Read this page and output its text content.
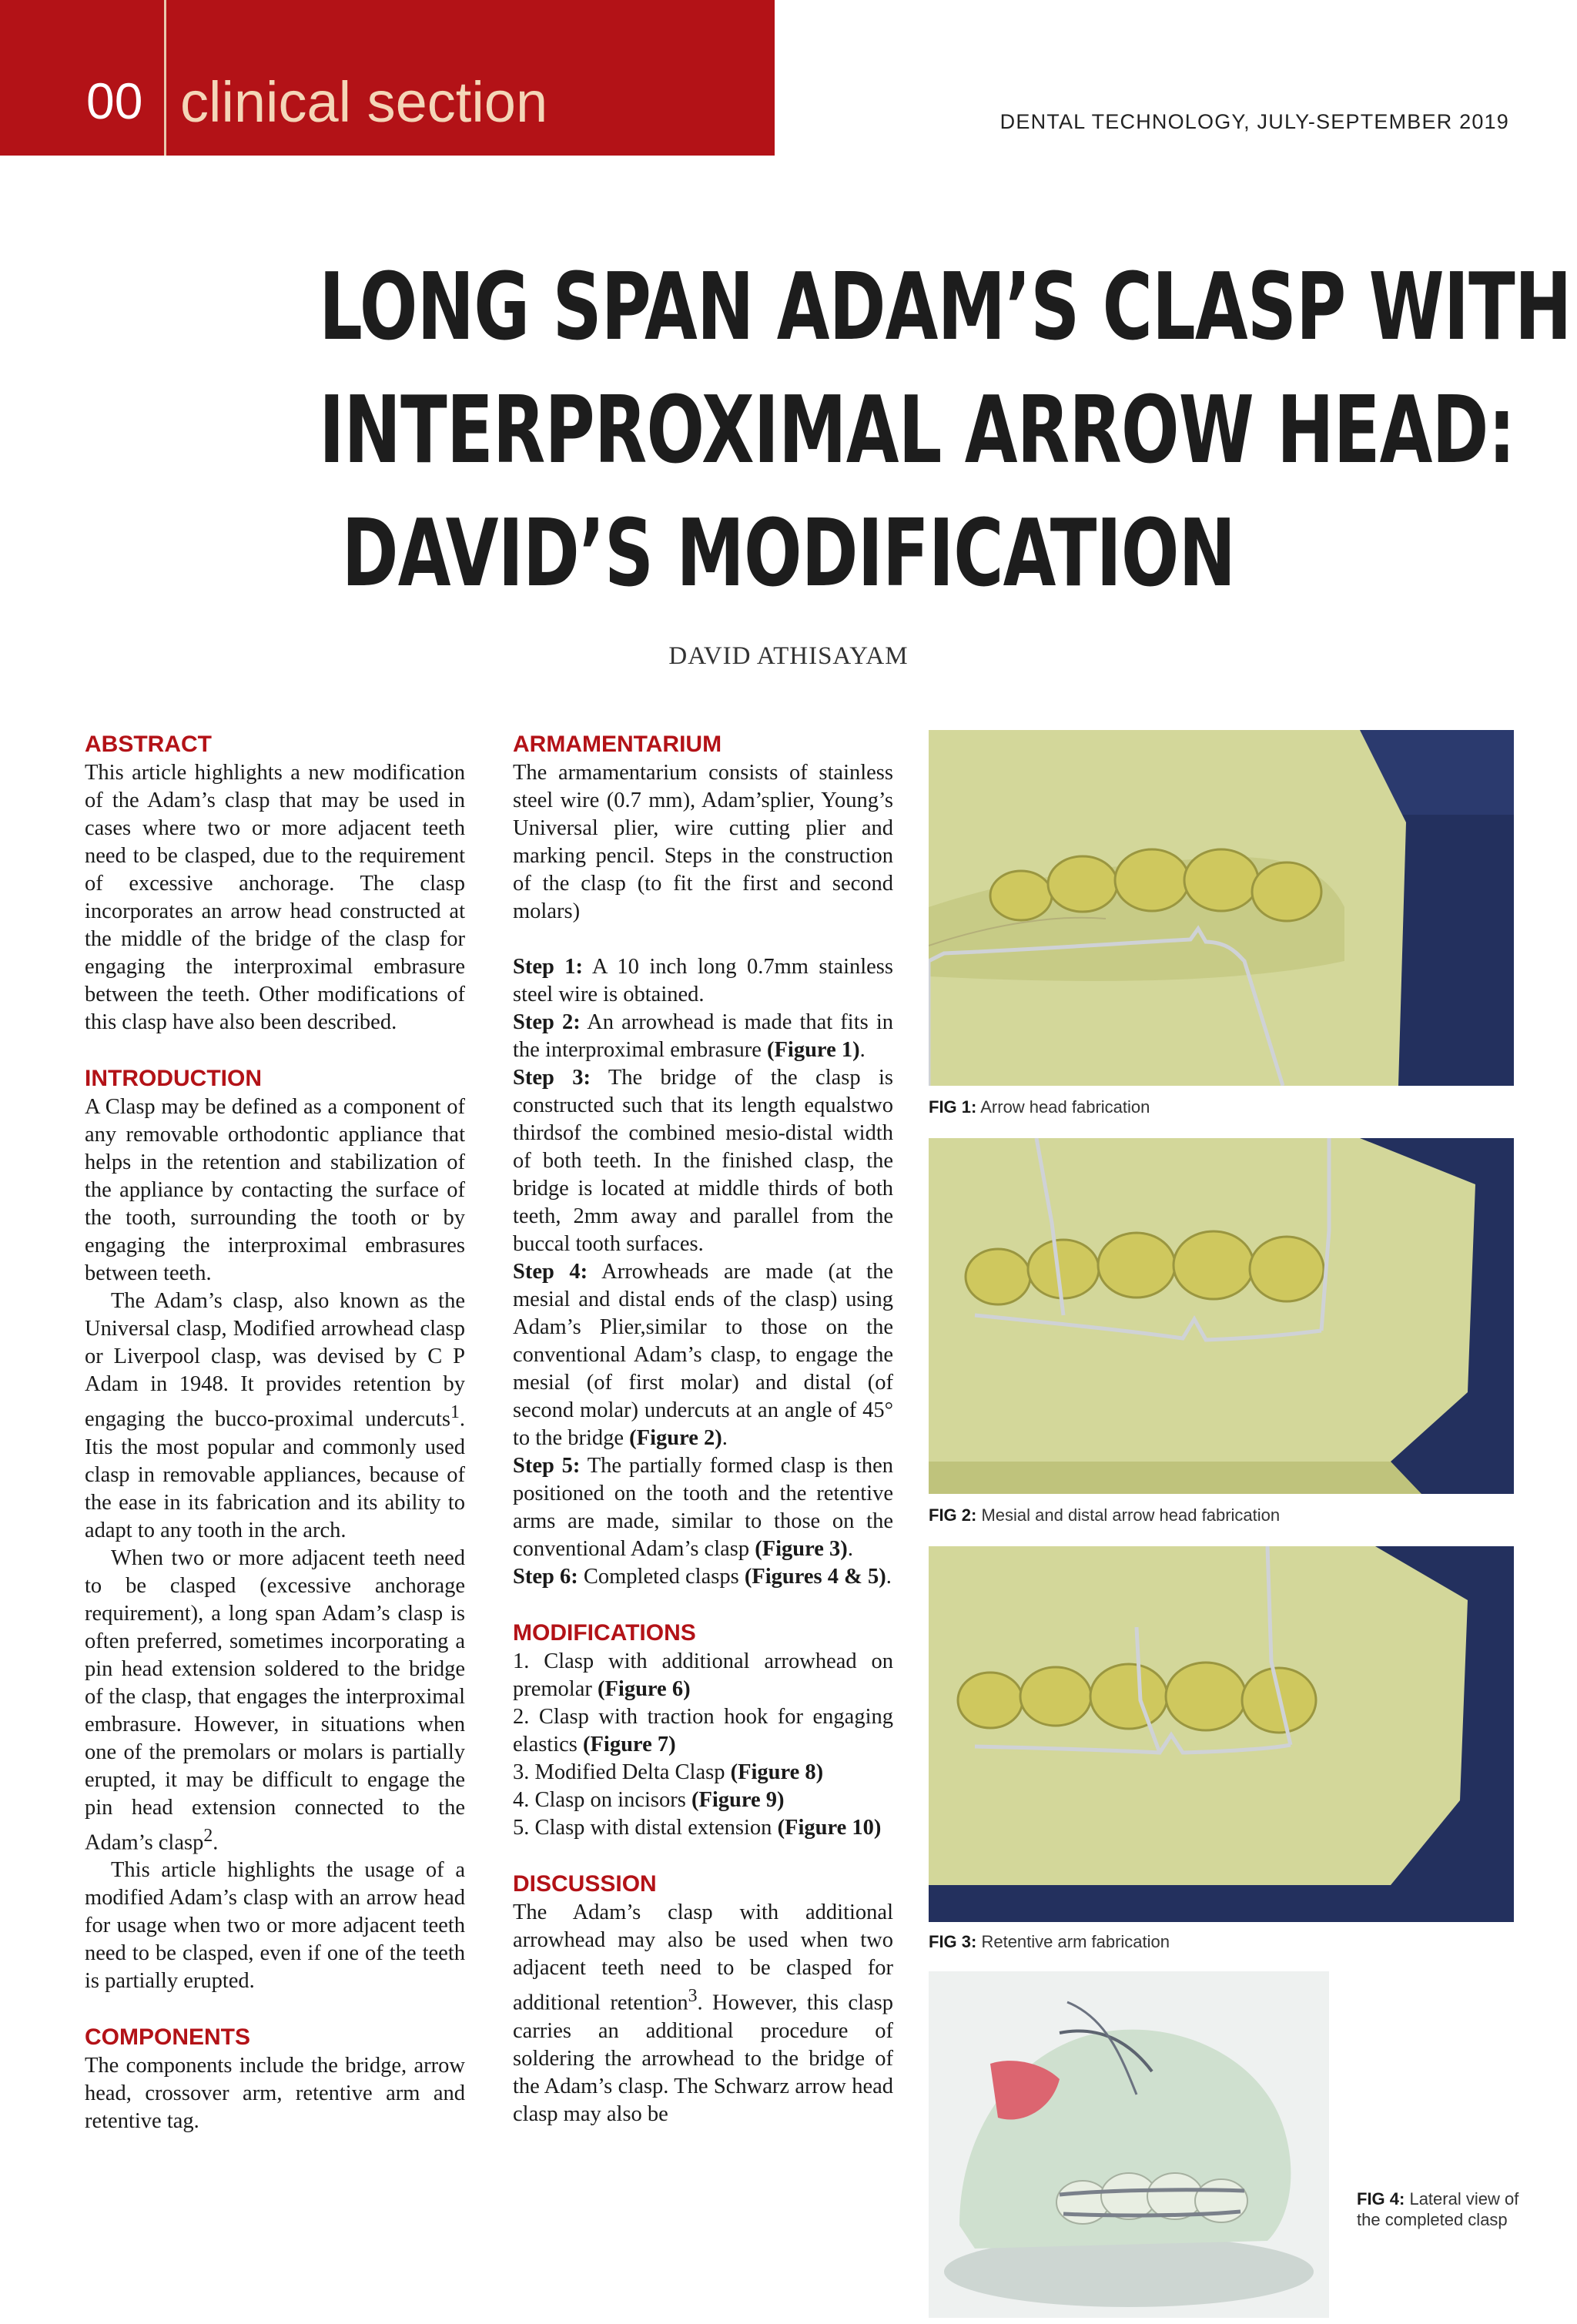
00 clinical section	DENTAL TECHNOLOGY, JULY-SEPTEMBER 2019
LONG SPAN ADAM’S CLASP WITH
INTERPROXIMAL ARROW HEAD:
DAVID’S MODIFICATION
DAVID ATHISAYAM
ABSTRACT

This article highlights a new modification of the Adam’s clasp that may be used in cases where two or more adjacent teeth need to be clasped, due to the requirement of excessive anchorage. The clasp incorporates an arrow head constructed at the middle of the bridge of the clasp for engaging the interproximal embrasure between the teeth. Other modifications of this clasp have also been described.

INTRODUCTION

A Clasp may be defined as a component of any removable orthodontic appliance that helps in the retention and stabilization of the appliance by contacting the surface of the tooth, surrounding the tooth or by engaging the interproximal embrasures between teeth.

The Adam’s clasp, also known as the Universal clasp, Modified arrowhead clasp or Liverpool clasp, was devised by C P Adam in 1948. It provides retention by engaging the bucco-proximal undercuts$^1$. Itis the most popular and commonly used clasp in removable appliances, because of the ease in its fabrication and its ability to adapt to any tooth in the arch.

When two or more adjacent teeth need to be clasped (excessive anchorage requirement), a long span Adam’s clasp is often preferred, sometimes incorporating a pin head extension soldered to the bridge of the clasp, that engages the interproximal embrasure. However, in situations when one of the premolars or molars is partially erupted, it may be difficult to engage the pin head extension connected to the Adam’s clasp$^2$.

This article highlights the usage of a modified Adam’s clasp with an arrow head for usage when two or more adjacent teeth need to be clasped, even if one of the teeth is partially erupted.

COMPONENTS

The components include the bridge, arrow head, crossover arm, retentive arm and retentive tag.

ARMAMENTARIUM

The armamentarium consists of stainless steel wire (0.7 mm), Adam’splier, Young’s Universal plier, wire cutting plier and marking pencil. Steps in the construction of the clasp (to fit the first and second molars)

Step 1: A 10 inch long 0.7mm stainless steel wire is obtained.

Step 2: An arrowhead is made that fits in the interproximal embrasure (Figure 1).

Step 3: The bridge of the clasp is constructed such that its length equalstwo thirdsof the combined mesio-distal width of both teeth. In the finished clasp, the bridge is located at middle thirds of both teeth, 2mm away and parallel from the buccal tooth surfaces.

Step 4: Arrowheads are made (at the mesial and distal ends of the clasp) using Adam’s Plier,similar to those on the conventional Adam’s clasp, to engage the mesial (of first molar) and distal (of second molar) undercuts at an angle of 45° to the bridge (Figure 2).

Step 5: The partially formed clasp is then positioned on the tooth and the retentive arms are made, similar to those on the conventional Adam’s clasp (Figure 3).

Step 6: Completed clasps (Figures 4 & 5).

MODIFICATIONS

1. Clasp with additional arrowhead on premolar (Figure 6)

2. Clasp with traction hook for engaging elastics (Figure 7)

3. Modified Delta Clasp (Figure 8)

4. Clasp on incisors (Figure 9)

5. Clasp with distal extension (Figure 10)

DISCUSSION

The Adam’s clasp with additional arrowhead may also be used when two adjacent teeth need to be clasped for additional retention$^3$. However, this clasp carries an additional procedure of soldering the arrowhead to the bridge of the Adam’s clasp. The Schwarz arrow head clasp may also be

FIG 1: Arrow head fabrication
FIG 2: Mesial and distal arrow head fabrication
FIG 3: Retentive arm fabrication
FIG 4: Lateral view of the completed clasp
